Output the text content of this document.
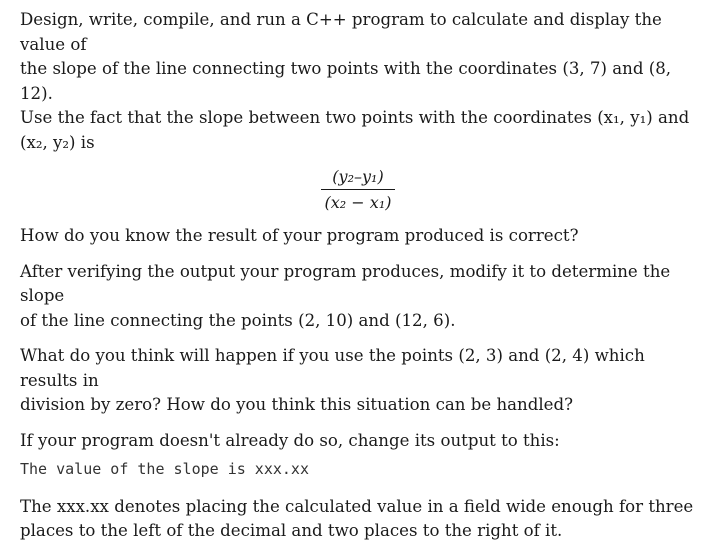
Design, write, compile, and run a C++ program to calculate and display the value of

the slope of the line connecting two points with the coordinates (3, 7) and (8, 12).

Use the fact that the slope between two points with the coordinates (x₁, y₁) and

(x₂, y₂) is

$\frac{\text{(y₂–y₁)}}{\text{(x₂ − x₁)}}$

How do you know the result of your program produced is correct?

After verifying the output your program produces, modify it to determine the slope

of the line connecting the points (2, 10) and (12, 6).

What do you think will happen if you use the points (2, 3) and (2, 4) which results in

division by zero? How do you think this situation can be handled?

If your program doesn't already do so, change its output to this:

The value of the slope is xxx.xx

The xxx.xx denotes placing the calculated value in a field wide enough for three

places to the left of the decimal and two places to the right of it.
